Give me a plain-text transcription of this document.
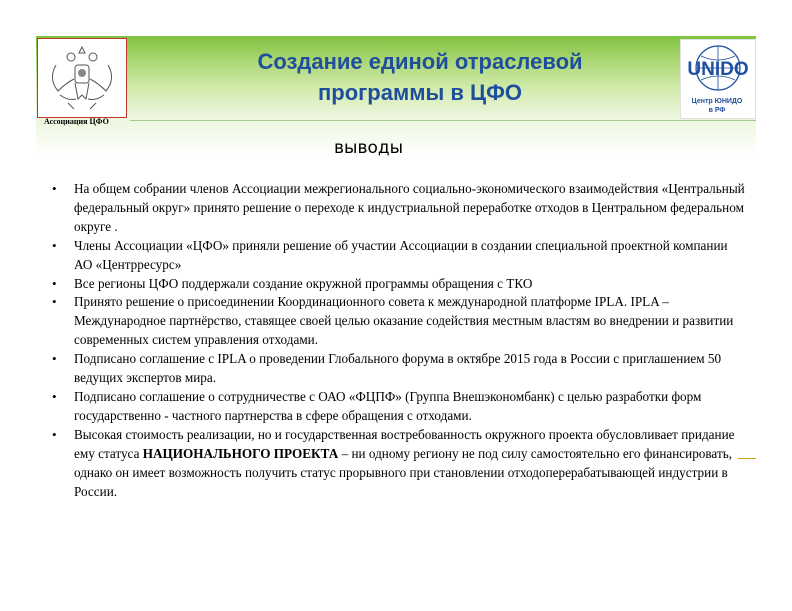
Ассоциация ЦФО
UNIDO
Центр ЮНИДО
в РФ
Создание единой отраслевой
программы в ЦФО
выводы
• На общем собрании членов Ассоциации межрегионального социально-экономического взаимодействия «Центральный федеральный округ» принято решение о переходе к индустриальной переработке отходов в Центральном федеральном округе .
• Члены Ассоциации «ЦФО» приняли решение об участии Ассоциации в создании специальной проектной компании АО «Центрресурс»
• Все регионы ЦФО поддержали создание окружной программы обращения с ТКО
• Принято решение о присоединении Координационного совета к международной платформе IPLA. IPLA – Международное партнёрство, ставящее своей целью оказание содействия местным властям во внедрении и развитии современных систем управления отходами.
• Подписано соглашение с IPLA о проведении Глобального форума в октябре 2015 года в России с приглашением 50 ведущих экспертов мира.
• Подписано соглашение о сотрудничестве с ОАО «ФЦПФ» (Группа Внешэкономбанк) с целью разработки форм государственно - частного партнерства в сфере обращения с отходами.
• Высокая стоимость реализации, но и государственная востребованность окружного проекта обусловливает придание ему статуса НАЦИОНАЛЬНОГО ПРОЕКТА – ни одному региону не под силу самостоятельно его финансировать, однако он имеет возможность получить статус прорывного при становлении отходоперерабатывающей индустрии в России.
